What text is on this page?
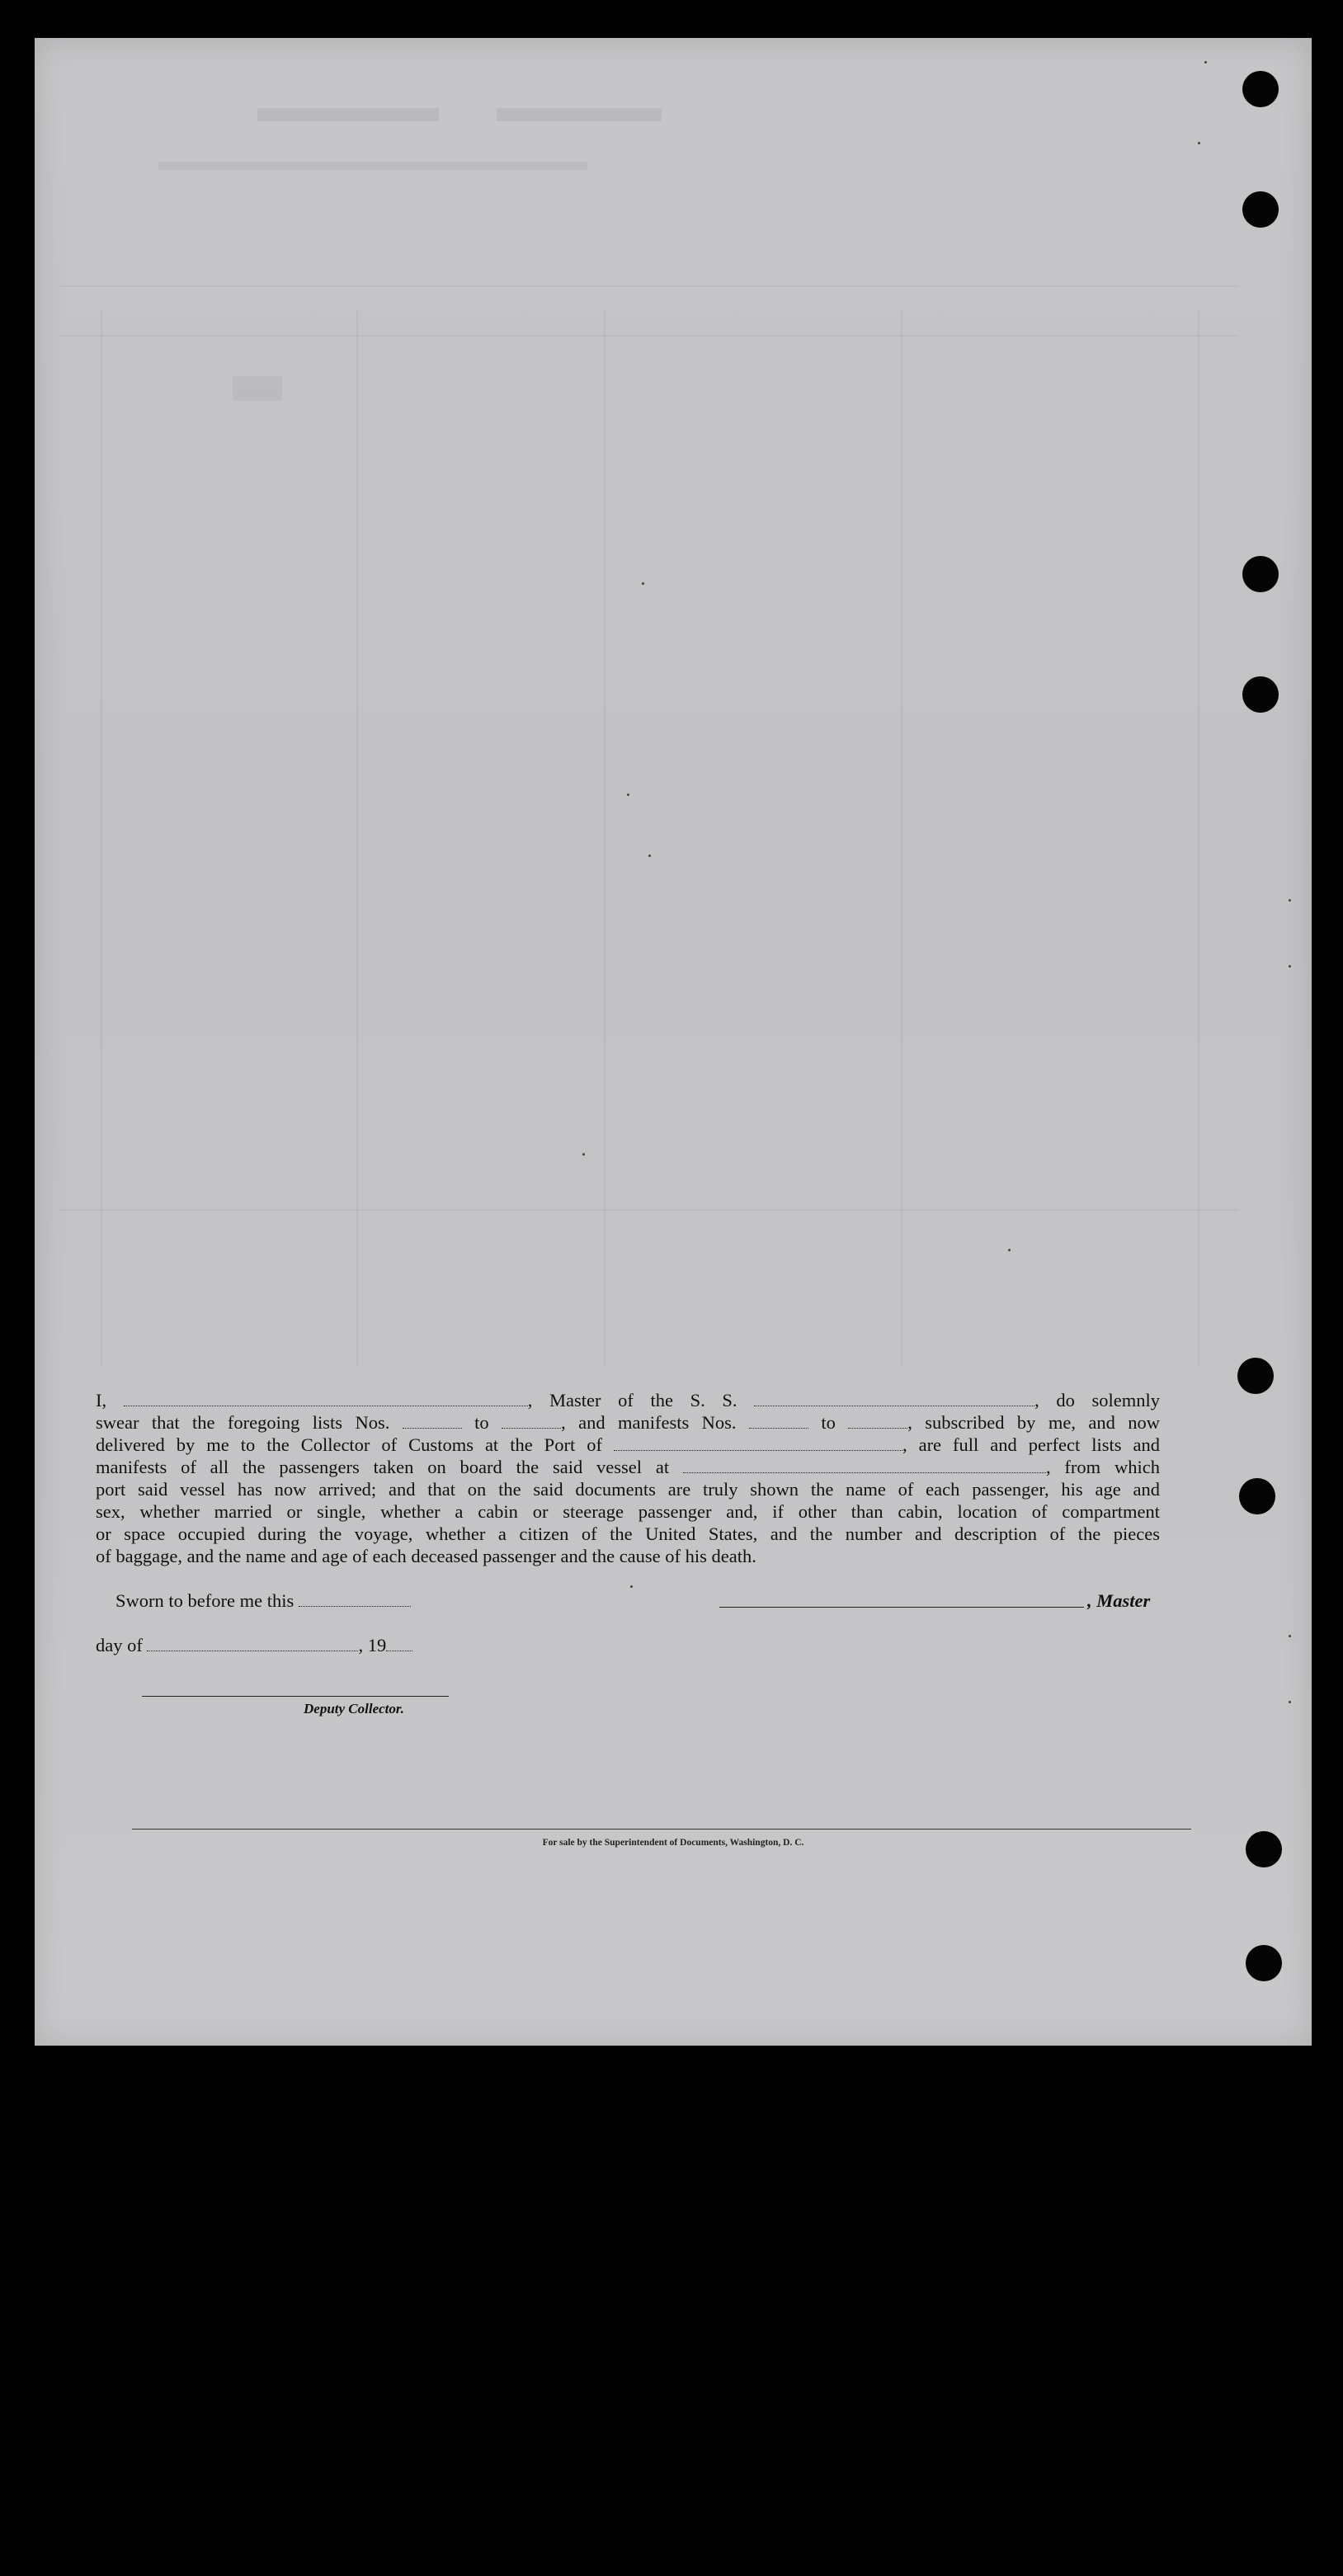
I,	, Master of the S. S.	, do solemnly
swear that the foregoing lists Nos.	to	, and manifests Nos.	to	, subscribed by me, and now
delivered by me to the Collector of Customs at the Port of	, are full and perfect lists and
manifests of all the passengers taken on board the said vessel at	, from which
port said vessel has now arrived; and that on the said documents are truly shown the name of each passenger, his age and
sex, whether married or single, whether a cabin or steerage passenger and, if other than cabin, location of compartment
or space occupied during the voyage, whether a citizen of the United States, and the number and description of the pieces
of baggage, and the name and age of each deceased passenger and the cause of his death.
Sworn to before me this	, Master
day of	, 19
Deputy Collector.
For sale by the Superintendent of Documents, Washington, D. C.
